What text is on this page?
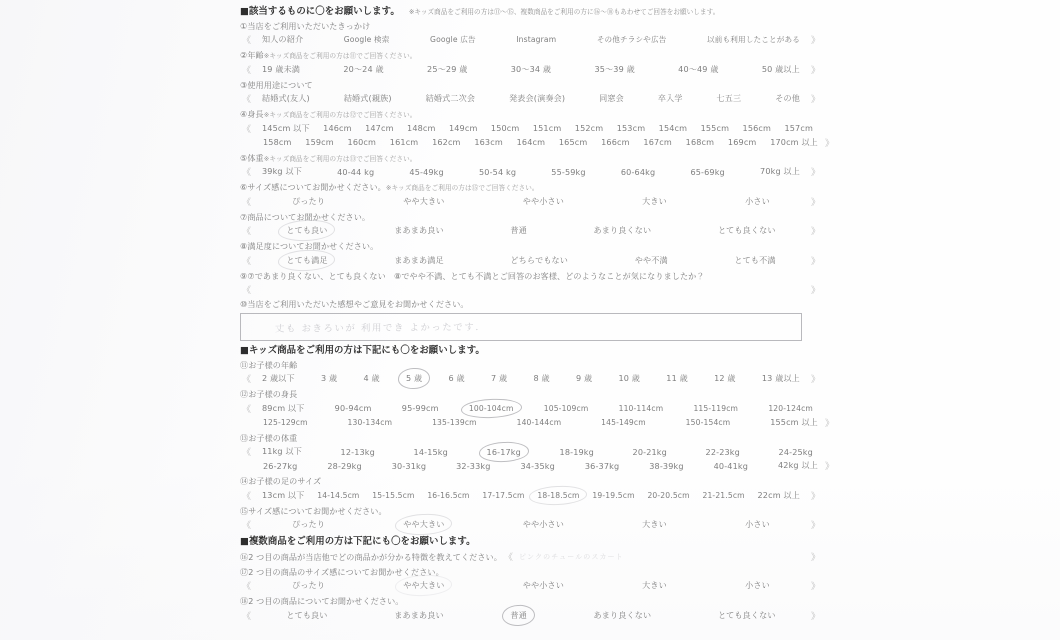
■該当するものに〇をお願いします。 ※キッズ商品をご利用の方は⑪～⑮、複数商品をご利用の方に⑯～⑱もあわせてご回答をお願いします。
① 当店をご利用いただいたきっかけ
《	知人の紹介	Google 検索	Google 広告	Instagram	その他チラシや広告	以前も利用したことがある	》
② 年齢 ※キッズ商品をご利用の方は⑪でご回答ください。
《	19 歳未満	20～24 歳	25～29 歳	30～34 歳	35～39 歳	40～49 歳	50 歳以上	》
③ 使用用途について
《	結婚式(友人)	結婚式(親族)	結婚式二次会	発表会(演奏会)	同窓会	卒入学	七五三	その他	》
④ 身長 ※キッズ商品をご利用の方は⑫でご回答ください。
《	145cm 以下	146cm	147cm	148cm	149cm	150cm	151cm	152cm	153cm	154cm	155cm	156cm	157cm
158cm	159cm	160cm	161cm	162cm	163cm	164cm	165cm	166cm	167cm	168cm	169cm	170cm 以上 》
⑤ 体重 ※キッズ商品をご利用の方は⑬でご回答ください。
《	39kg 以下	40-44 kg	45-49kg	50-54 kg	55-59kg	60-64kg	65-69kg	70kg 以上	》
⑥ サイズ感についてお聞かせください。 ※キッズ商品をご利用の方は⑮でご回答ください。
《	ぴったり	やや大きい	やや小さい	大きい	小さい	》
⑦ 商品についてお聞かせください。
《	とても良い	まあまあ良い	普通	あまり良くない	とても良くない	》
⑧ 満足度についてお聞かせください。
《	とても満足	まあまあ満足	どちらでもない	やや不満	とても不満	》
⑨ ⑦であまり良くない、とても良くない　⑧でやや不満、とても不満とご回答のお客様、どのようなことが気になりましたか？
《	》
⑩ 当店をご利用いただいた感想やご意見をお聞かせください。
丈も おきろいが 利用でき よかったです.
■キッズ商品をご利用の方は下記にも〇をお願いします。
⑪ お子様の年齢
《	2 歳以下	3 歳	4 歳	5 歳	6 歳	7 歳	8 歳	9 歳	10 歳	11 歳	12 歳	13 歳以上	》
⑫ お子様の身長
《	89cm 以下	90-94cm	95-99cm	100-104cm	105-109cm	110-114cm	115-119cm	120-124cm
125-129cm	130-134cm	135-139cm	140-144cm	145-149cm	150-154cm	155cm 以上 》
⑬ お子様の体重
《	11kg 以下	12-13kg	14-15kg	16-17kg	18-19kg	20-21kg	22-23kg	24-25kg
26-27kg	28-29kg	30-31kg	32-33kg	34-35kg	36-37kg	38-39kg	40-41kg	42kg 以上 》
⑭ お子様の足のサイズ
《	13cm 以下	14-14.5cm	15-15.5cm	16-16.5cm	17-17.5cm	18-18.5cm	19-19.5cm	20-20.5cm	21-21.5cm	22cm 以上	》
⑮ サイズ感についてお聞かせください。
《	ぴったり	やや大きい	やや小さい	大きい	小さい	》
■複数商品をご利用の方は下記にも〇をお願いします。
⑯ 2 つ目の商品が当店他でどの商品かが分かる特徴を教えてください。 《 ピンクのチュールのスカート	》
⑰ 2 つ目の商品のサイズ感についてお聞かせください。
《	ぴったり	やや大きい	やや小さい	大きい	小さい	》
⑱ 2 つ目の商品についてお聞かせください。
《	とても良い	まあまあ良い	普通	あまり良くない	とても良くない	》
